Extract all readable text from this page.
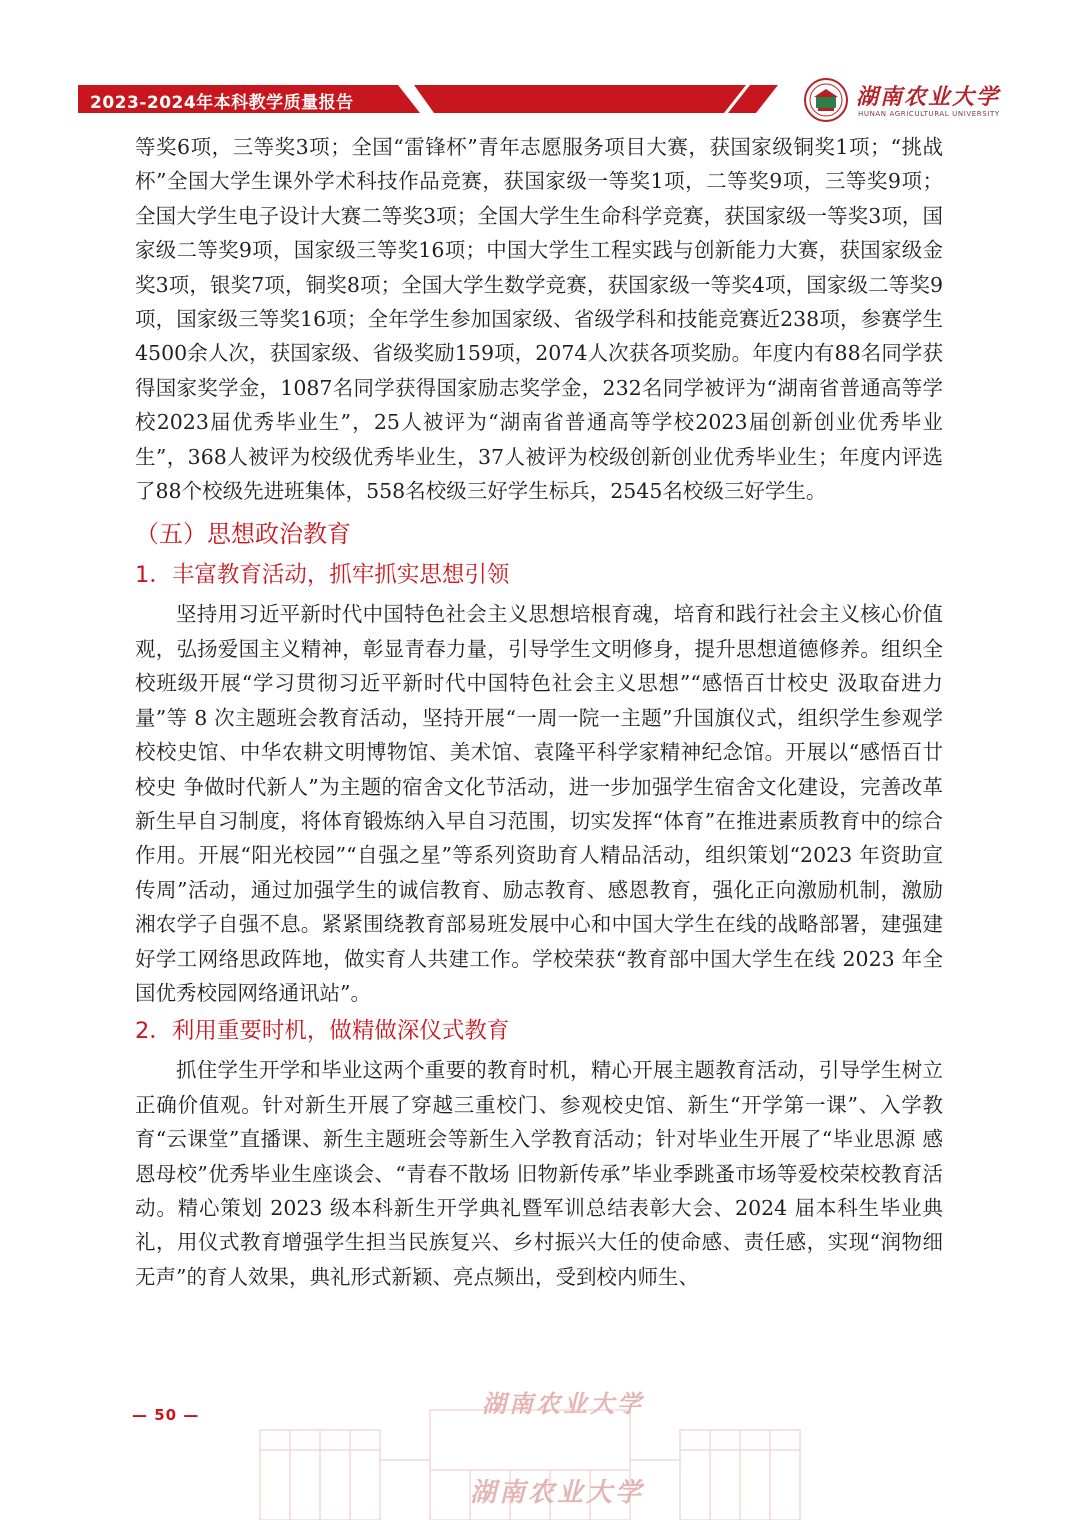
2023-2024年本科教学质量报告	湖南农业大学
HUNAN AGRICULTURAL UNIVERSITY

等奖6项，三等奖3项；全国“雷锋杯”青年志愿服务项目大赛，获国家级铜奖1项；“挑战杯”全国大学生课外学术科技作品竞赛，获国家级一等奖1项，二等奖9项，三等奖9项；全国大学生电子设计大赛二等奖3项；全国大学生生命科学竞赛，获国家级一等奖3项，国家级二等奖9项，国家级三等奖16项；中国大学生工程实践与创新能力大赛，获国家级金奖3项，银奖7项，铜奖8项；全国大学生数学竞赛，获国家级一等奖4项，国家级二等奖9项，国家级三等奖16项；全年学生参加国家级、省级学科和技能竞赛近238项，参赛学生4500余人次，获国家级、省级奖励159项，2074人次获各项奖励。年度内有88名同学获得国家奖学金，1087名同学获得国家励志奖学金，232名同学被评为“湖南省普通高等学校2023届优秀毕业生”，25人被评为“湖南省普通高等学校2023届创新创业优秀毕业生”，368人被评为校级优秀毕业生，37人被评为校级创新创业优秀毕业生；年度内评选了88个校级先进班集体，558名校级三好学生标兵，2545名校级三好学生。

（五）思想政治教育
1．丰富教育活动，抓牢抓实思想引领

坚持用习近平新时代中国特色社会主义思想培根育魂，培育和践行社会主义核心价值观，弘扬爱国主义精神，彰显青春力量，引导学生文明修身，提升思想道德修养。组织全校班级开展“学习贯彻习近平新时代中国特色社会主义思想”“感悟百廿校史 汲取奋进力量”等 8 次主题班会教育活动，坚持开展“一周一院一主题”升国旗仪式，组织学生参观学校校史馆、中华农耕文明博物馆、美术馆、袁隆平科学家精神纪念馆。开展以“感悟百廿校史 争做时代新人”为主题的宿舍文化节活动，进一步加强学生宿舍文化建设，完善改革新生早自习制度，将体育锻炼纳入早自习范围，切实发挥“体育”在推进素质教育中的综合作用。开展“阳光校园”“自强之星”等系列资助育人精品活动，组织策划“2023 年资助宣传周”活动，通过加强学生的诚信教育、励志教育、感恩教育，强化正向激励机制，激励湘农学子自强不息。紧紧围绕教育部易班发展中心和中国大学生在线的战略部署，建强建好学工网络思政阵地，做实育人共建工作。学校荣获“教育部中国大学生在线 2023 年全国优秀校园网络通讯站”。

2．利用重要时机，做精做深仪式教育

抓住学生开学和毕业这两个重要的教育时机，精心开展主题教育活动，引导学生树立正确价值观。针对新生开展了穿越三重校门、参观校史馆、新生“开学第一课”、入学教育“云课堂”直播课、新生主题班会等新生入学教育活动；针对毕业生开展了“毕业思源 感恩母校”优秀毕业生座谈会、“青春不散场 旧物新传承”毕业季跳蚤市场等爱校荣校教育活动。精心策划 2023 级本科新生开学典礼暨军训总结表彰大会、2024 届本科生毕业典礼，用仪式教育增强学生担当民族复兴、乡村振兴大任的使命感、责任感，实现“润物细无声”的育人效果，典礼形式新颖、亮点频出，受到校内师生、

湖南农业大学
湖南农业大学
— 50 —
